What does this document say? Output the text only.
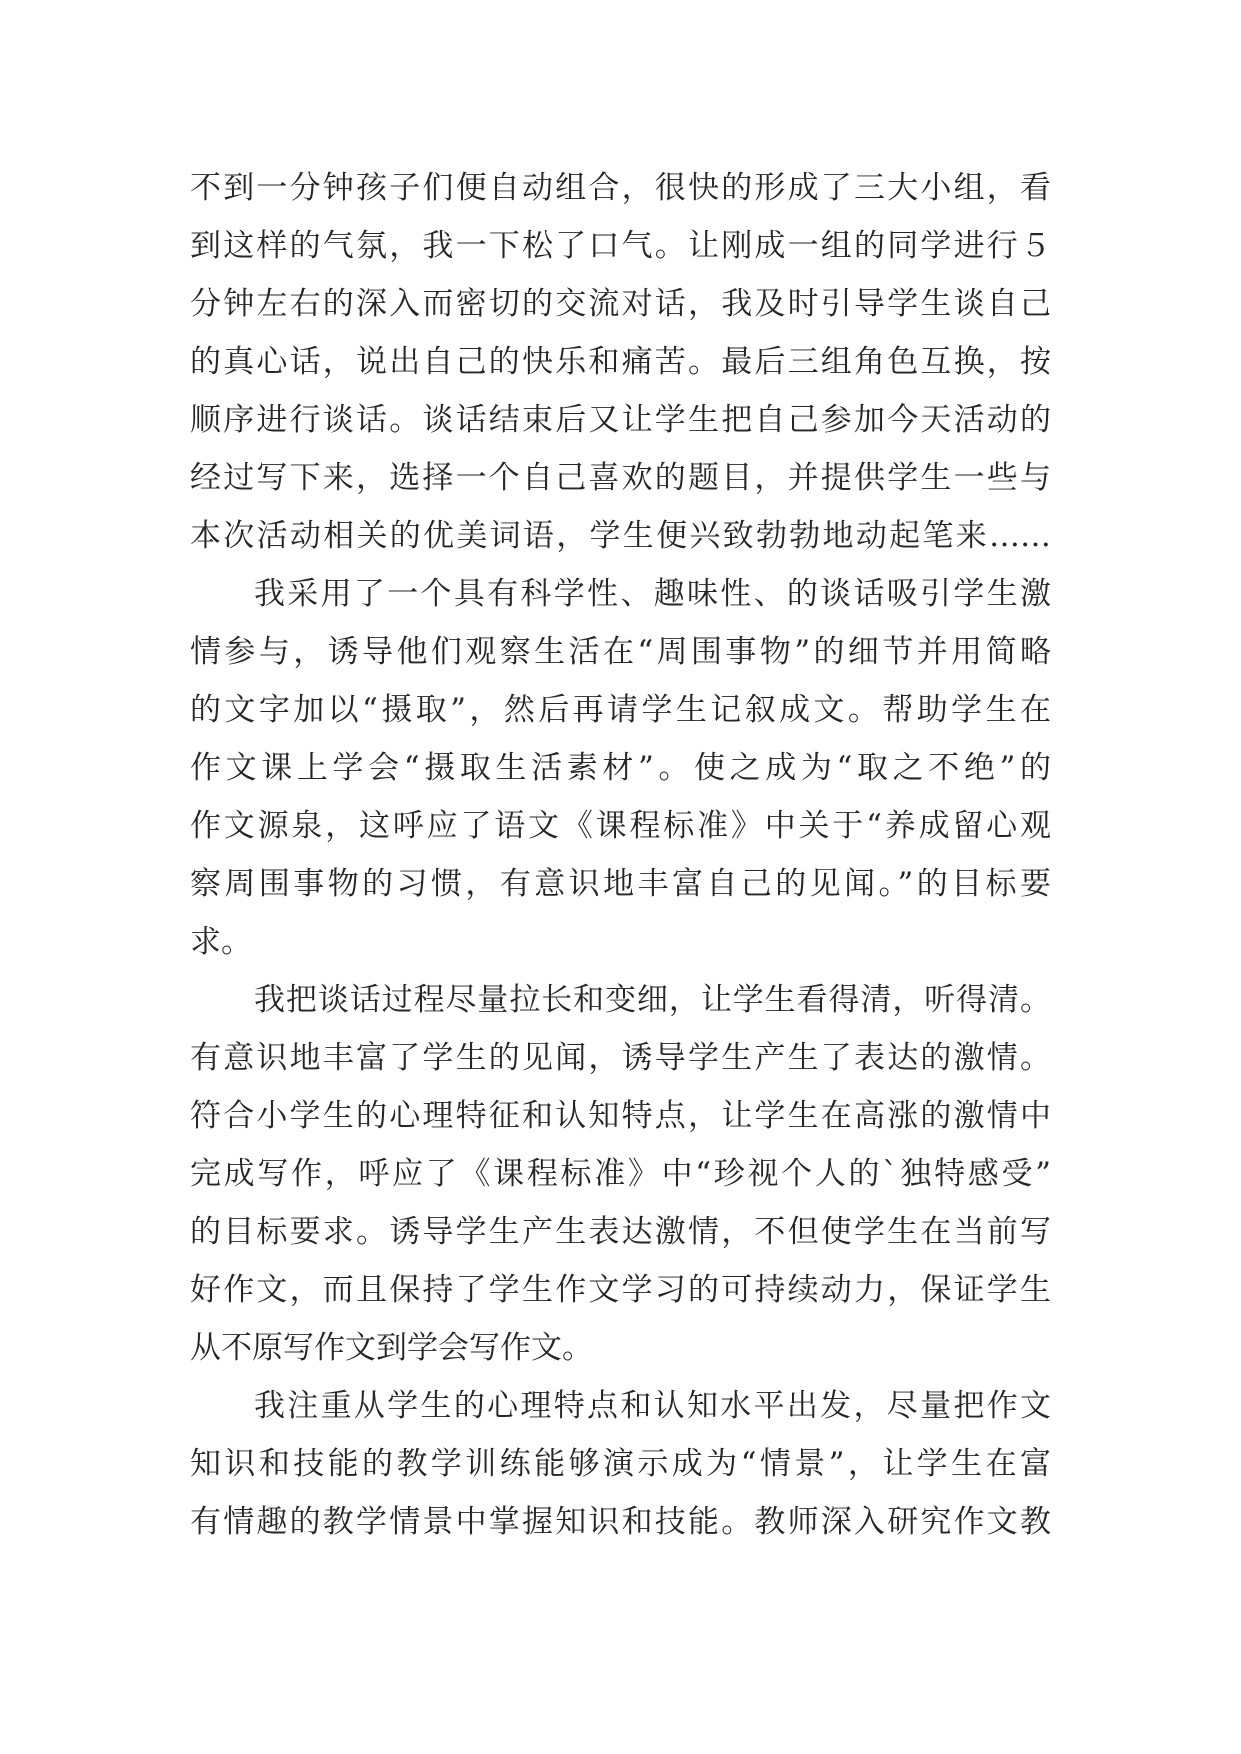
不到一分钟孩子们便自动组合，很快的形成了三大小组，看
到这样的气氛，我一下松了口气。让刚成一组的同学进行５
分钟左右的深入而密切的交流对话，我及时引导学生谈自己
的真心话，说出自己的快乐和痛苦。最后三组角色互换，按
顺序进行谈话。谈话结束后又让学生把自己参加今天活动的
经过写下来，选择一个自己喜欢的题目，并提供学生一些与
本次活动相关的优美词语，学生便兴致勃勃地动起笔来……
我采用了一个具有科学性、趣味性、的谈话吸引学生激
情参与，诱导他们观察生活在“周围事物”的细节并用简略
的文字加以“摄取”，然后再请学生记叙成文。帮助学生在
作文课上学会“摄取生活素材”。使之成为“取之不绝”的
作文源泉，这呼应了语文《课程标准》中关于“养成留心观
察周围事物的习惯，有意识地丰富自己的见闻。”的目标要
求。
我把谈话过程尽量拉长和变细，让学生看得清，听得清。
有意识地丰富了学生的见闻，诱导学生产生了表达的激情。
符合小学生的心理特征和认知特点，让学生在高涨的激情中
完成写作，呼应了《课程标准》中“珍视个人的`独特感受”
的目标要求。诱导学生产生表达激情，不但使学生在当前写
好作文，而且保持了学生作文学习的可持续动力，保证学生
从不原写作文到学会写作文。
我注重从学生的心理特点和认知水平出发，尽量把作文
知识和技能的教学训练能够演示成为“情景”，让学生在富
有情趣的教学情景中掌握知识和技能。教师深入研究作文教
